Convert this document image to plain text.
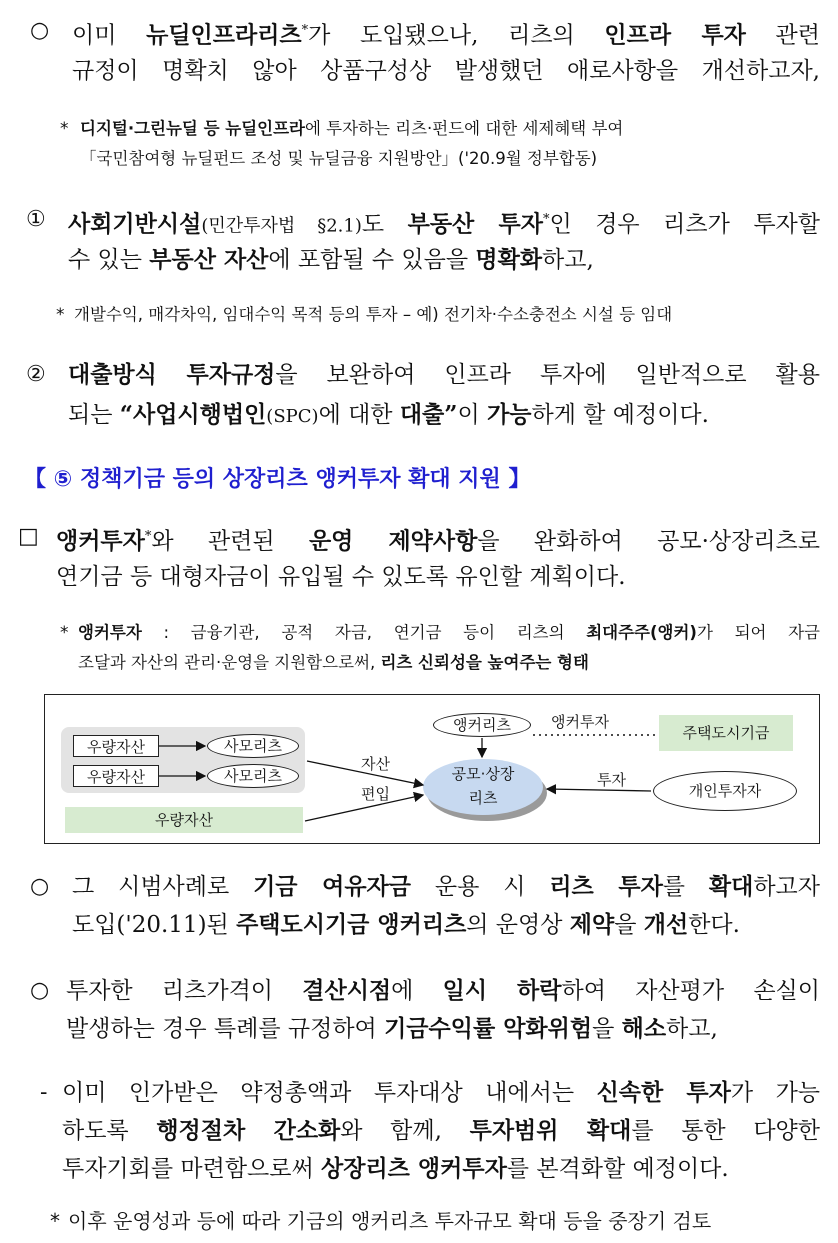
○ 이미 뉴딜인프라리츠*가 도입됐으나, 리츠의 인프라 투자 관련
규정이 명확치 않아 상품구성상 발생했던 애로사항을 개선하고자,
* 디지털·그린뉴딜 등 뉴딜인프라에 투자하는 리츠·펀드에 대한 세제혜택 부여
「국민참여형 뉴딜펀드 조성 및 뉴딜금융 지원방안」('20.9월 정부합동)
① 사회기반시설(민간투자법 §2.1)도 부동산 투자*인 경우 리츠가 투자할
수 있는 부동산 자산에 포함될 수 있음을 명확화하고,
* 개발수익, 매각차익, 임대수익 목적 등의 투자 – 예) 전기차·수소충전소 시설 등 임대
② 대출방식 투자규정을 보완하여 인프라 투자에 일반적으로 활용
되는 “사업시행법인(SPC)에 대한 대출”이 가능하게 할 예정이다.
【 ⑤ 정책기금 등의 상장리츠 앵커투자 확대 지원 】
□ 앵커투자*와 관련된 운영 제약사항을 완화하여 공모·상장리츠로
연기금 등 대형자금이 유입될 수 있도록 유인할 계획이다.
* 앵커투자 : 금융기관, 공적 자금, 연기금 등이 리츠의 최대주주(앵커)가 되어 자금
조달과 자산의 관리·운영을 지원함으로써, 리츠 신뢰성을 높여주는 형태
우량자산
우량자산
사모리츠
사모리츠
우량자산
자산
편입
앵커리츠	앵커투자
주택도시기금
공모·상장
리츠
투자
개인투자자
○ 그 시범사례로 기금 여유자금 운용 시 리츠 투자를 확대하고자
도입('20.11)된 주택도시기금 앵커리츠의 운영상 제약을 개선한다.
○ 투자한 리츠가격이 결산시점에 일시 하락하여 자산평가 손실이
발생하는 경우 특례를 규정하여 기금수익률 악화위험을 해소하고,
- 이미 인가받은 약정총액과 투자대상 내에서는 신속한 투자가 가능
하도록 행정절차 간소화와 함께, 투자범위 확대를 통한 다양한
투자기회를 마련함으로써 상장리츠 앵커투자를 본격화할 예정이다.
* 이후 운영성과 등에 따라 기금의 앵커리츠 투자규모 확대 등을 중장기 검토
